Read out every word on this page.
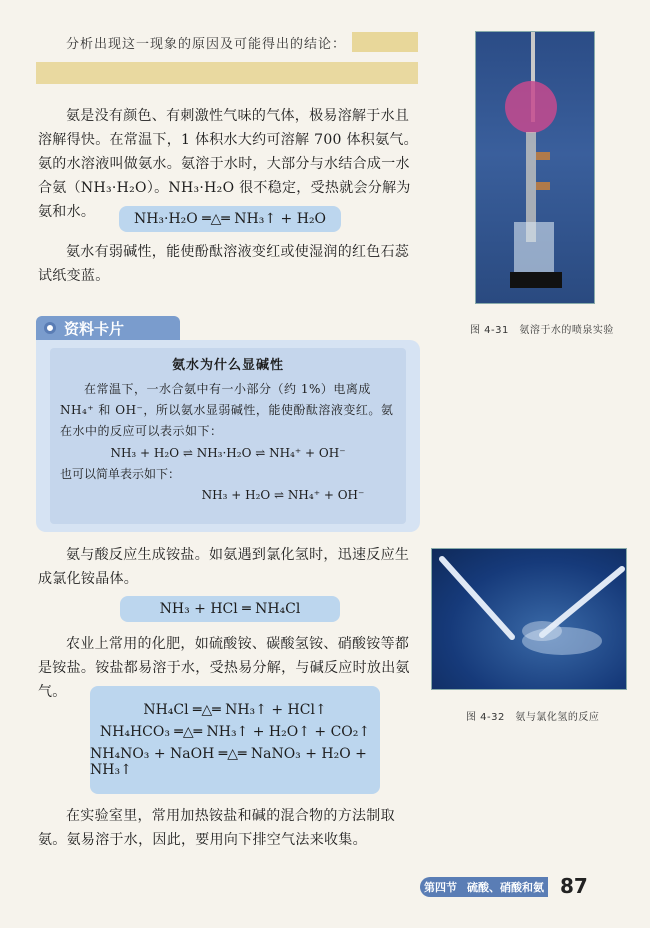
分析出现这一现象的原因及可能得出的结论：

氨是没有颜色、有刺激性气味的气体，极易溶解于水且溶解得快。在常温下，1 体积水大约可溶解 700 体积氨气。氨的水溶液叫做氨水。氨溶于水时，大部分与水结合成一水合氨（NH₃·H₂O）。NH₃·H₂O 很不稳定，受热就会分解为氨和水。	NH₃·H₂O ═△═ NH₃↑ + H₂O

氨水有弱碱性，能使酚酞溶液变红或使湿润的红色石蕊试纸变蓝。

资料卡片
氨水为什么显碱性
在常温下，一水合氨中有一小部分（约 1%）电离成 NH₄⁺ 和 OH⁻，所以氨水显弱碱性，能使酚酞溶液变红。氨在水中的反应可以表示如下：
NH₃ + H₂O ⇌ NH₃·H₂O ⇌ NH₄⁺ + OH⁻
也可以简单表示如下：
NH₃ + H₂O ⇌ NH₄⁺ + OH⁻

氨与酸反应生成铵盐。如氨遇到氯化氢时，迅速反应生成氯化铵晶体。

NH₃ + HCl ═ NH₄Cl

农业上常用的化肥，如硫酸铵、碳酸氢铵、硝酸铵等都是铵盐。铵盐都易溶于水，受热易分解，与碱反应时放出氨气。

NH₄Cl ═△═ NH₃↑ + HCl↑
NH₄HCO₃ ═△═ NH₃↑ + H₂O↑ + CO₂↑
NH₄NO₃ + NaOH ═△═ NaNO₃ + H₂O + NH₃↑

在实验室里，常用加热铵盐和碱的混合物的方法制取氨。氨易溶于水，因此，要用向下排空气法来收集。

图 4-31　氨溶于水的喷泉实验
图 4-32　氨与氯化氢的反应
第四节 硫酸、硝酸和氨 87
